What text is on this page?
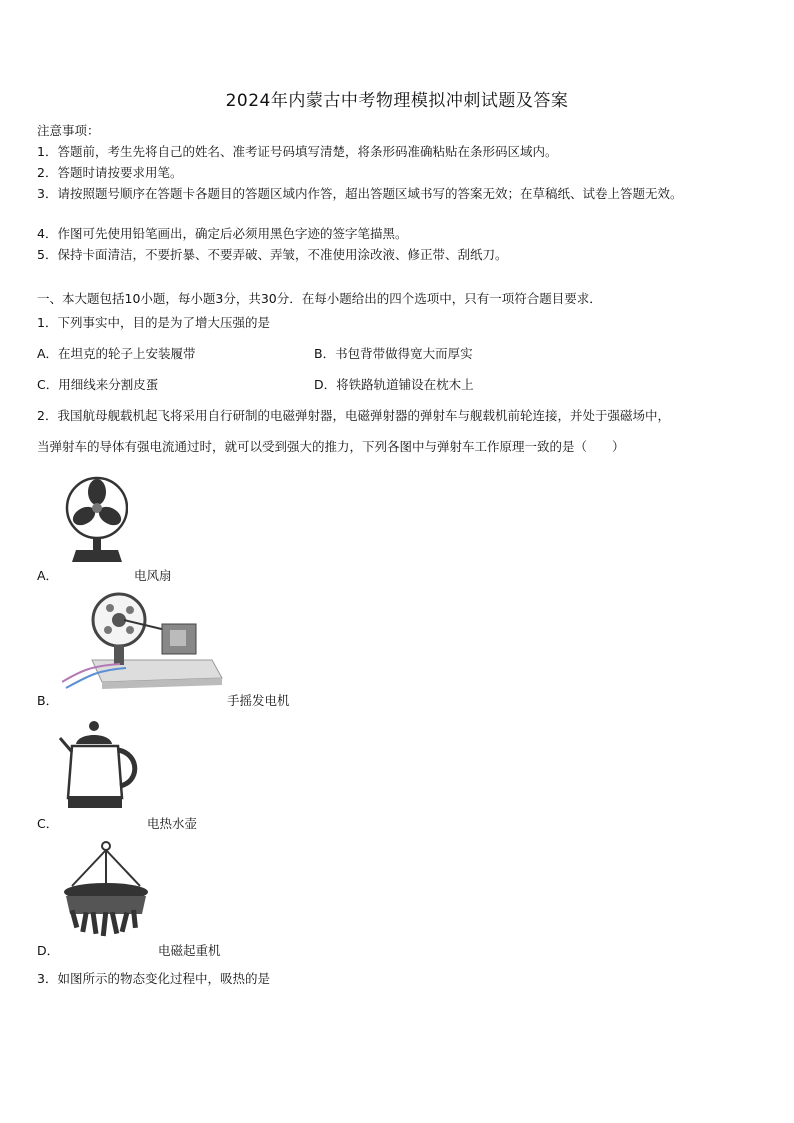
2024年内蒙古中考物理模拟冲刺试题及答案
注意事项：
1．答题前，考生先将自己的姓名、准考证号码填写清楚，将条形码准确粘贴在条形码区域内。
2．答题时请按要求用笔。
3．请按照题号顺序在答题卡各题目的答题区域内作答，超出答题区域书写的答案无效；在草稿纸、试卷上答题无效。
4．作图可先使用铅笔画出，确定后必须用黑色字迹的签字笔描黑。
5．保持卡面清洁，不要折暴、不要弄破、弄皱，不准使用涂改液、修正带、刮纸刀。
一、本大题包括10小题，每小题3分，共30分．在每小题给出的四个选项中，只有一项符合题目要求．
1．下列事实中，目的是为了增大压强的是
A．在坦克的轮子上安装履带	B．书包背带做得宽大而厚实
C．用细线来分割皮蛋	D．将铁路轨道铺设在枕木上
2．我国航母舰载机起飞将采用自行研制的电磁弹射器，电磁弹射器的弹射车与舰载机前轮连接，并处于强磁场中，
当弹射车的导体有强电流通过时，就可以受到强大的推力，下列各图中与弹射车工作原理一致的是（　　）
A．	电风扇
B．	手摇发电机
C．	电热水壶
D．	电磁起重机
3．如图所示的物态变化过程中，吸热的是
